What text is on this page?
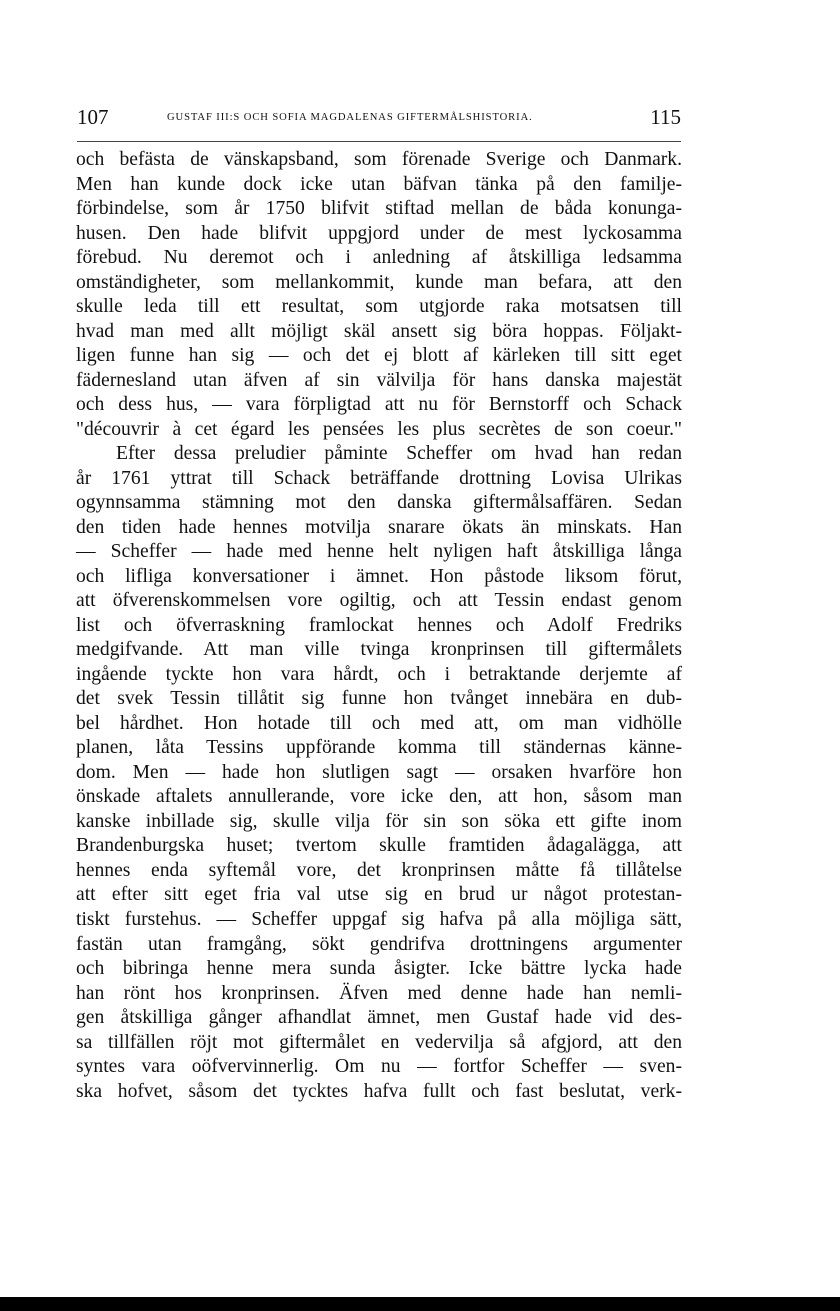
107	GUSTAF III:S OCH SOFIA MAGDALENAS GIFTERMÅLSHISTORIA.	115
och befästa de vänskapsband, som förenade Sverige och Danmark.
Men han kunde dock icke utan bäfvan tänka på den familje-
förbindelse, som år 1750 blifvit stiftad mellan de båda konunga-
husen. Den hade blifvit uppgjord under de mest lyckosamma
förebud. Nu deremot och i anledning af åtskilliga ledsamma
omständigheter, som mellankommit, kunde man befara, att den
skulle leda till ett resultat, som utgjorde raka motsatsen till
hvad man med allt möjligt skäl ansett sig böra hoppas. Följakt-
ligen funne han sig — och det ej blott af kärleken till sitt eget
fädernesland utan äfven af sin välvilja för hans danska majestät
och dess hus, — vara förpligtad att nu för Bernstorff och Schack
"découvrir à cet égard les pensées les plus secrètes de son coeur."
Efter dessa preludier påminte Scheffer om hvad han redan
år 1761 yttrat till Schack beträffande drottning Lovisa Ulrikas
ogynnsamma stämning mot den danska giftermålsaffären. Sedan
den tiden hade hennes motvilja snarare ökats än minskats. Han
— Scheffer — hade med henne helt nyligen haft åtskilliga långa
och lifliga konversationer i ämnet. Hon påstode liksom förut,
att öfverenskommelsen vore ogiltig, och att Tessin endast genom
list och öfverraskning framlockat hennes och Adolf Fredriks
medgifvande. Att man ville tvinga kronprinsen till giftermålets
ingående tyckte hon vara hårdt, och i betraktande derjemte af
det svek Tessin tillåtit sig funne hon tvånget innebära en dub-
bel hårdhet. Hon hotade till och med att, om man vidhölle
planen, låta Tessins uppförande komma till ständernas känne-
dom. Men — hade hon slutligen sagt — orsaken hvarföre hon
önskade aftalets annullerande, vore icke den, att hon, såsom man
kanske inbillade sig, skulle vilja för sin son söka ett gifte inom
Brandenburgska huset; tvertom skulle framtiden ådagalägga, att
hennes enda syftemål vore, det kronprinsen måtte få tillåtelse
att efter sitt eget fria val utse sig en brud ur något protestan-
tiskt furstehus. — Scheffer uppgaf sig hafva på alla möjliga sätt,
fastän utan framgång, sökt gendrifva drottningens argumenter
och bibringa henne mera sunda åsigter. Icke bättre lycka hade
han rönt hos kronprinsen. Äfven med denne hade han nemli-
gen åtskilliga gånger afhandlat ämnet, men Gustaf hade vid des-
sa tillfällen röjt mot giftermålet en vedervilja så afgjord, att den
syntes vara oöfvervinnerlig. Om nu — fortfor Scheffer — sven-
ska hofvet, såsom det tycktes hafva fullt och fast beslutat, verk-
